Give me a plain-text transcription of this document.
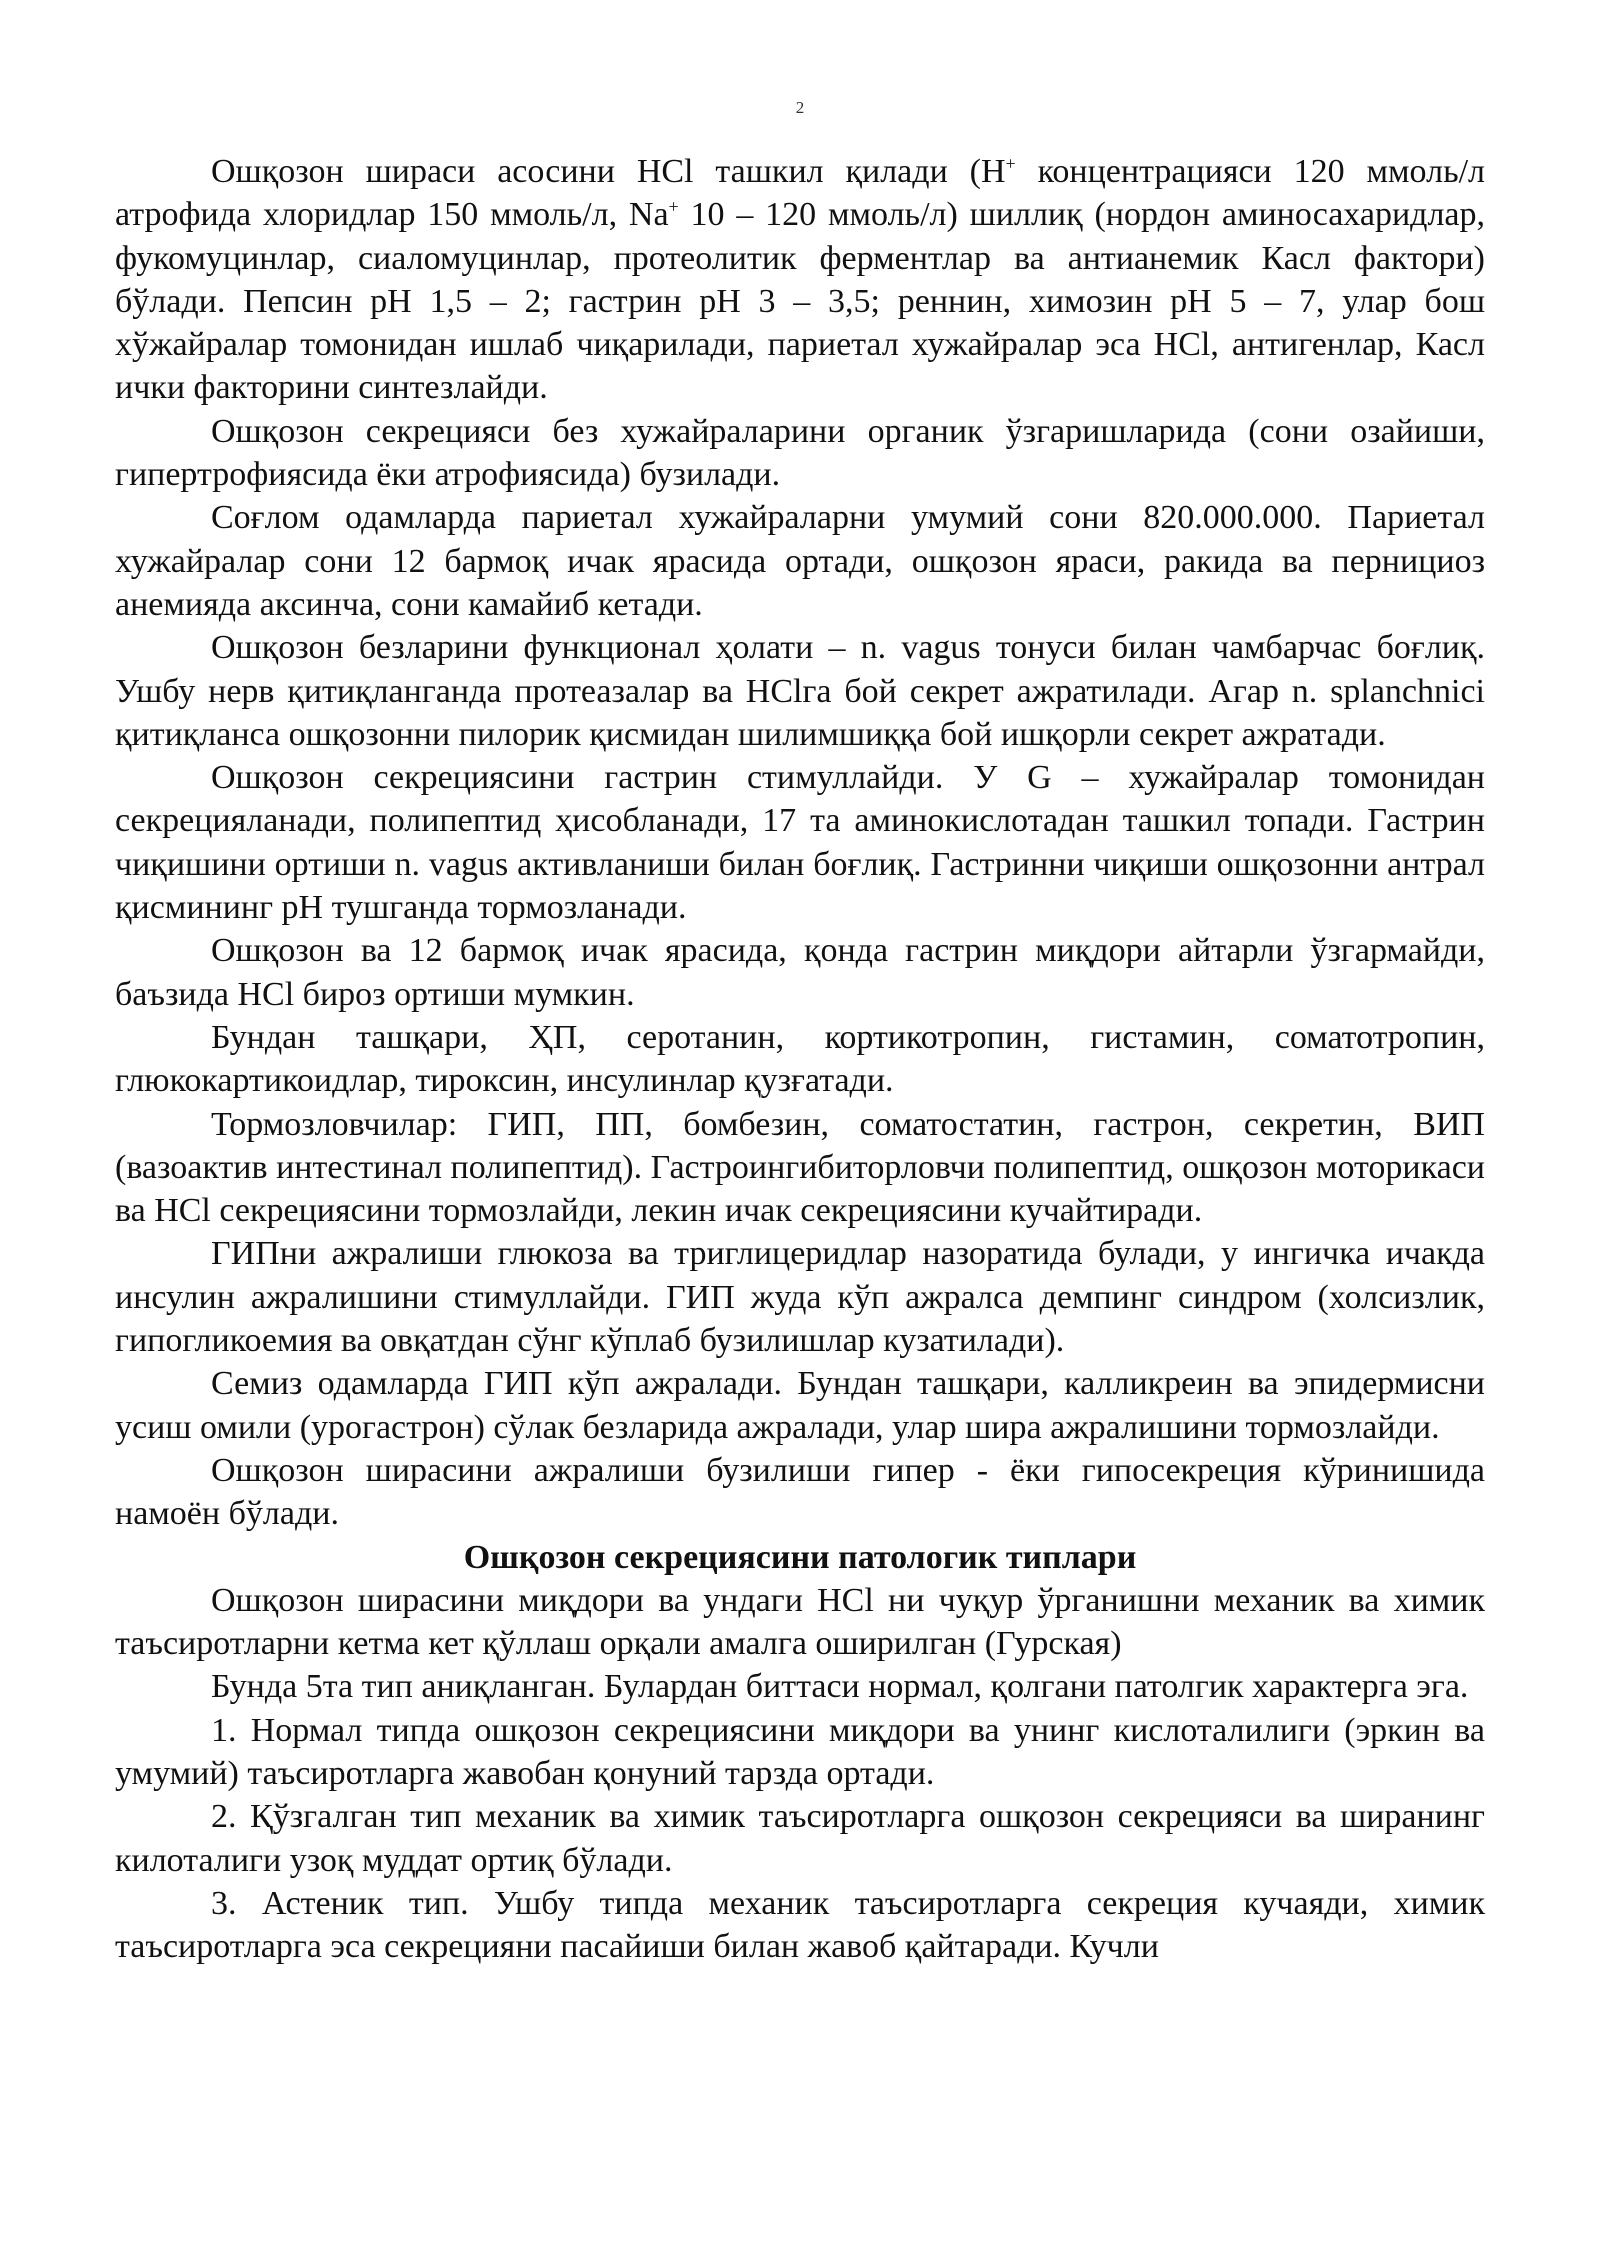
2

Ошқозон шираси асосини HCl ташкил қилади (H+ концентрацияси 120 ммоль/л атрофида хлоридлар 150 ммоль/л, Na+ 10 – 120 ммоль/л) шиллиқ (нордон аминосахаридлар, фукомуцинлар, сиаломуцинлар, протеолитик ферментлар ва антианемик Касл фактори) бўлади. Пепсин pH 1,5 – 2; гастрин pH 3 – 3,5; реннин, химозин pH 5 – 7, улар бош хўжайралар томонидан ишлаб чиқарилади, париетал хужайралар эса HCl, антигенлар, Касл ички факторини синтезлайди.

Ошқозон секрецияси без хужайраларини органик ўзгаришларида (сони озайиши, гипертрофиясида ёки атрофиясида) бузилади.

Соғлом одамларда париетал хужайраларни умумий сони 820.000.000. Париетал хужайралар сони 12 бармоқ ичак ярасида ортади, ошқозон яраси, ракида ва пернициоз анемияда аксинча, сони камайиб кетади.

Ошқозон безларини функционал ҳолати – n. vagus тонуси билан чамбарчас боғлиқ. Ушбу нерв қитиқланганда протеазалар ва HClга бой секрет ажратилади. Агар n. splanchnici қитиқланса ошқозонни пилорик қисмидан шилимшиққа бой ишқорли секрет ажратади.

Ошқозон секрециясини гастрин стимуллайди. У G – хужайралар томонидан секрецияланади, полипептид ҳисобланади, 17 та аминокислотадан ташкил топади. Гастрин чиқишини ортиши n. vagus активланиши билан боғлиқ. Гастринни чиқиши ошқозонни антрал қисмининг pH тушганда тормозланади.

Ошқозон ва 12 бармоқ ичак ярасида, қонда гастрин миқдори айтарли ўзгармайди, баъзида HCl бироз ортиши мумкин.

Бундан ташқари, ҲП, серотанин, кортикотропин, гистамин, соматотропин, глюкокартикоидлар, тироксин, инсулинлар қузғатади.

Тормозловчилар: ГИП, ПП, бомбезин, соматостатин, гастрон, секретин, ВИП (вазоактив интестинал полипептид). Гастроингибиторловчи полипептид, ошқозон моторикаси ва HCl секрециясини тормозлайди, лекин ичак секрециясини кучайтиради.

ГИПни ажралиши глюкоза ва триглицеридлар назоратида булади, у ингичка ичакда инсулин ажралишини стимуллайди. ГИП жуда кўп ажралса демпинг синдром (холсизлик, гипогликоемия ва овқатдан сўнг кўплаб бузилишлар кузатилади).

Семиз одамларда ГИП кўп ажралади. Бундан ташқари, калликреин ва эпидермисни усиш омили (урогастрон) сўлак безларида ажралади, улар шира ажралишини тормозлайди.

Ошқозон ширасини ажралиши бузилиши гипер - ёки гипосекреция кўринишида намоён бўлади.

Ошқозон секрециясини патологик типлари

Ошқозон ширасини миқдори ва ундаги HCl ни чуқур ўрганишни механик ва химик таъсиротларни кетма кет қўллаш орқали амалга оширилган (Гурская)

Бунда 5та тип аниқланган. Булардан биттаси нормал, қолгани патолгик характерга эга.

1. Нормал типда ошқозон секрециясини миқдори ва унинг кислоталилиги (эркин ва умумий) таъсиротларга жавобан қонуний тарзда ортади.

2. Қўзгалган тип механик ва химик таъсиротларга ошқозон секрецияси ва ширанинг килоталиги узоқ муддат ортиқ бўлади.

3. Астеник тип. Ушбу типда механик таъсиротларга секреция кучаяди, химик таъсиротларга эса секрецияни пасайиши билан жавоб қайтаради. Кучли
